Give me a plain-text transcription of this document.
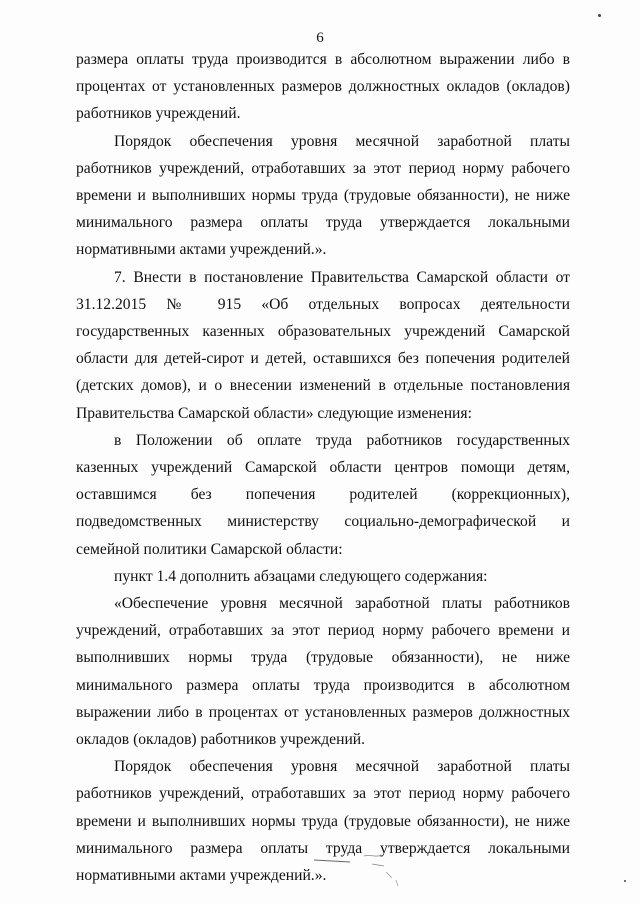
6

размера оплаты труда производится в абсолютном выражении либо в процентах от установленных размеров должностных окладов (окладов) работников учреждений.

Порядок обеспечения уровня месячной заработной платы работников учреждений, отработавших за этот период норму рабочего времени и выполнивших нормы труда (трудовые обязанности), не ниже минимального размера оплаты труда утверждается локальными нормативными актами учреждений.».

7. Внести в постановление Правительства Самарской области от 31.12.2015 № 915 «Об отдельных вопросах деятельности государственных казенных образовательных учреждений Самарской области для детей-сирот и детей, оставшихся без попечения родителей (детских домов), и о внесении изменений в отдельные постановления Правительства Самарской области» следующие изменения:

в Положении об оплате труда работников государственных казенных учреждений Самарской области центров помощи детям, оставшимся без попечения родителей (коррекционных), подведомственных министерству социально-демографической и семейной политики Самарской области:

пункт 1.4 дополнить абзацами следующего содержания:

«Обеспечение уровня месячной заработной платы работников учреждений, отработавших за этот период норму рабочего времени и выполнивших нормы труда (трудовые обязанности), не ниже минимального размера оплаты труда производится в абсолютном выражении либо в процентах от установленных размеров должностных окладов (окладов) работников учреждений.

Порядок обеспечения уровня месячной заработной платы работников учреждений, отработавших за этот период норму рабочего времени и выполнивших нормы труда (трудовые обязанности), не ниже минимального размера оплаты труда утверждается локальными нормативными актами учреждений.».
